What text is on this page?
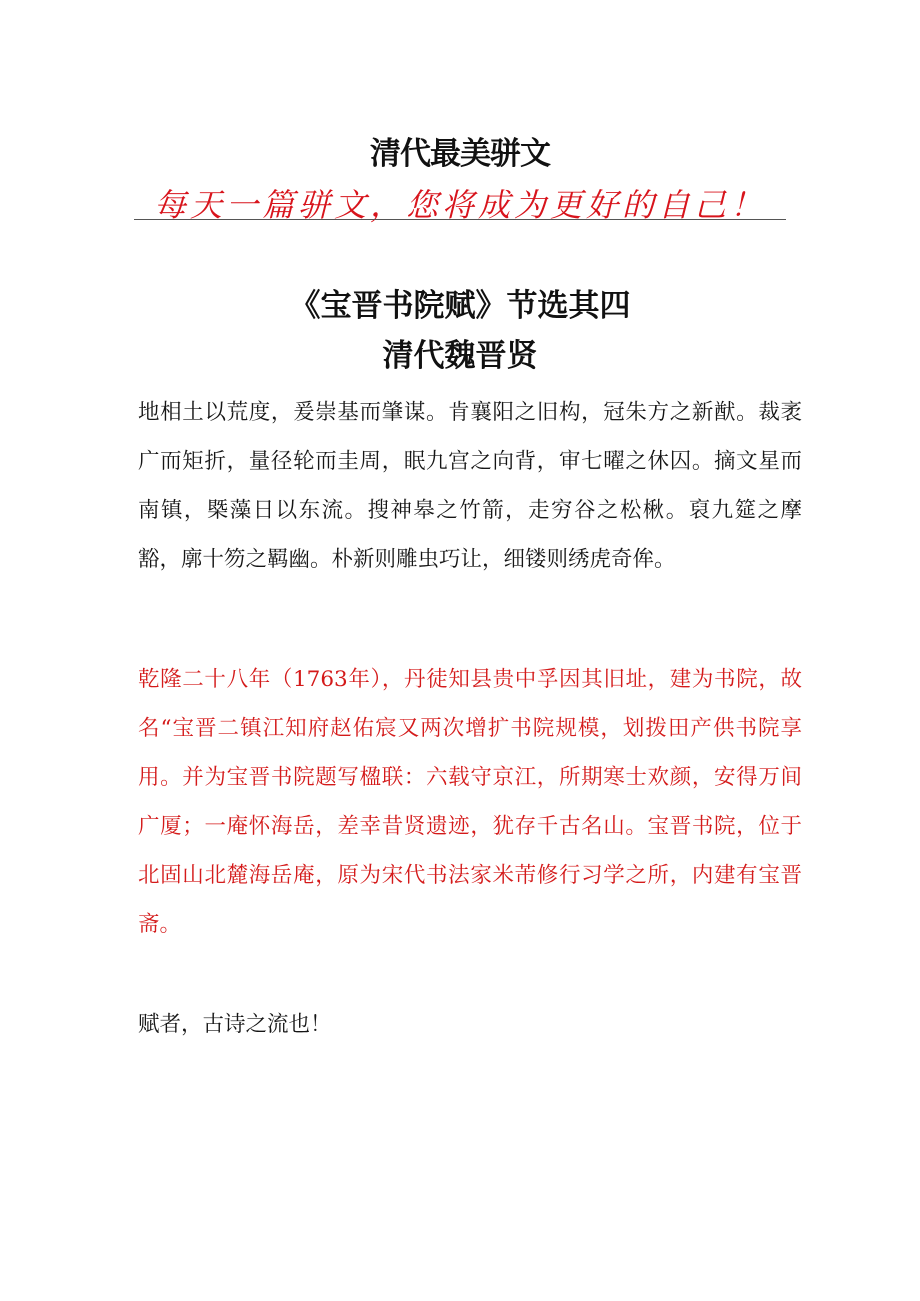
清代最美骈文
每天一篇骈文，您将成为更好的自己！
《宝晋书院赋》节选其四
清代魏晋贤

地相土以荒度，爰崇基而肇谋。肯襄阳之旧构，冠朱方之新猷。裁袤广而矩折，量径轮而圭周，眠九宫之向背，审七曜之休囚。摘文星而南镇，槩藻日以东流。搜神皋之竹箭，走穷谷之松楸。裒九筵之摩豁，廓十笏之羁幽。朴新则雕虫巧让，细镂则绣虎奇侔。

乾隆二十八年（1763年），丹徒知县贵中孚因其旧址，建为书院，故名“宝晋二镇江知府赵佑宸又两次增扩书院规模，划拨田产供书院享用。并为宝晋书院题写楹联：六载守京江，所期寒士欢颜，安得万间广厦；一庵怀海岳，差幸昔贤遗迹，犹存千古名山。宝晋书院，位于北固山北麓海岳庵，原为宋代书法家米芾修行习学之所，内建有宝晋斋。

赋者，古诗之流也！
